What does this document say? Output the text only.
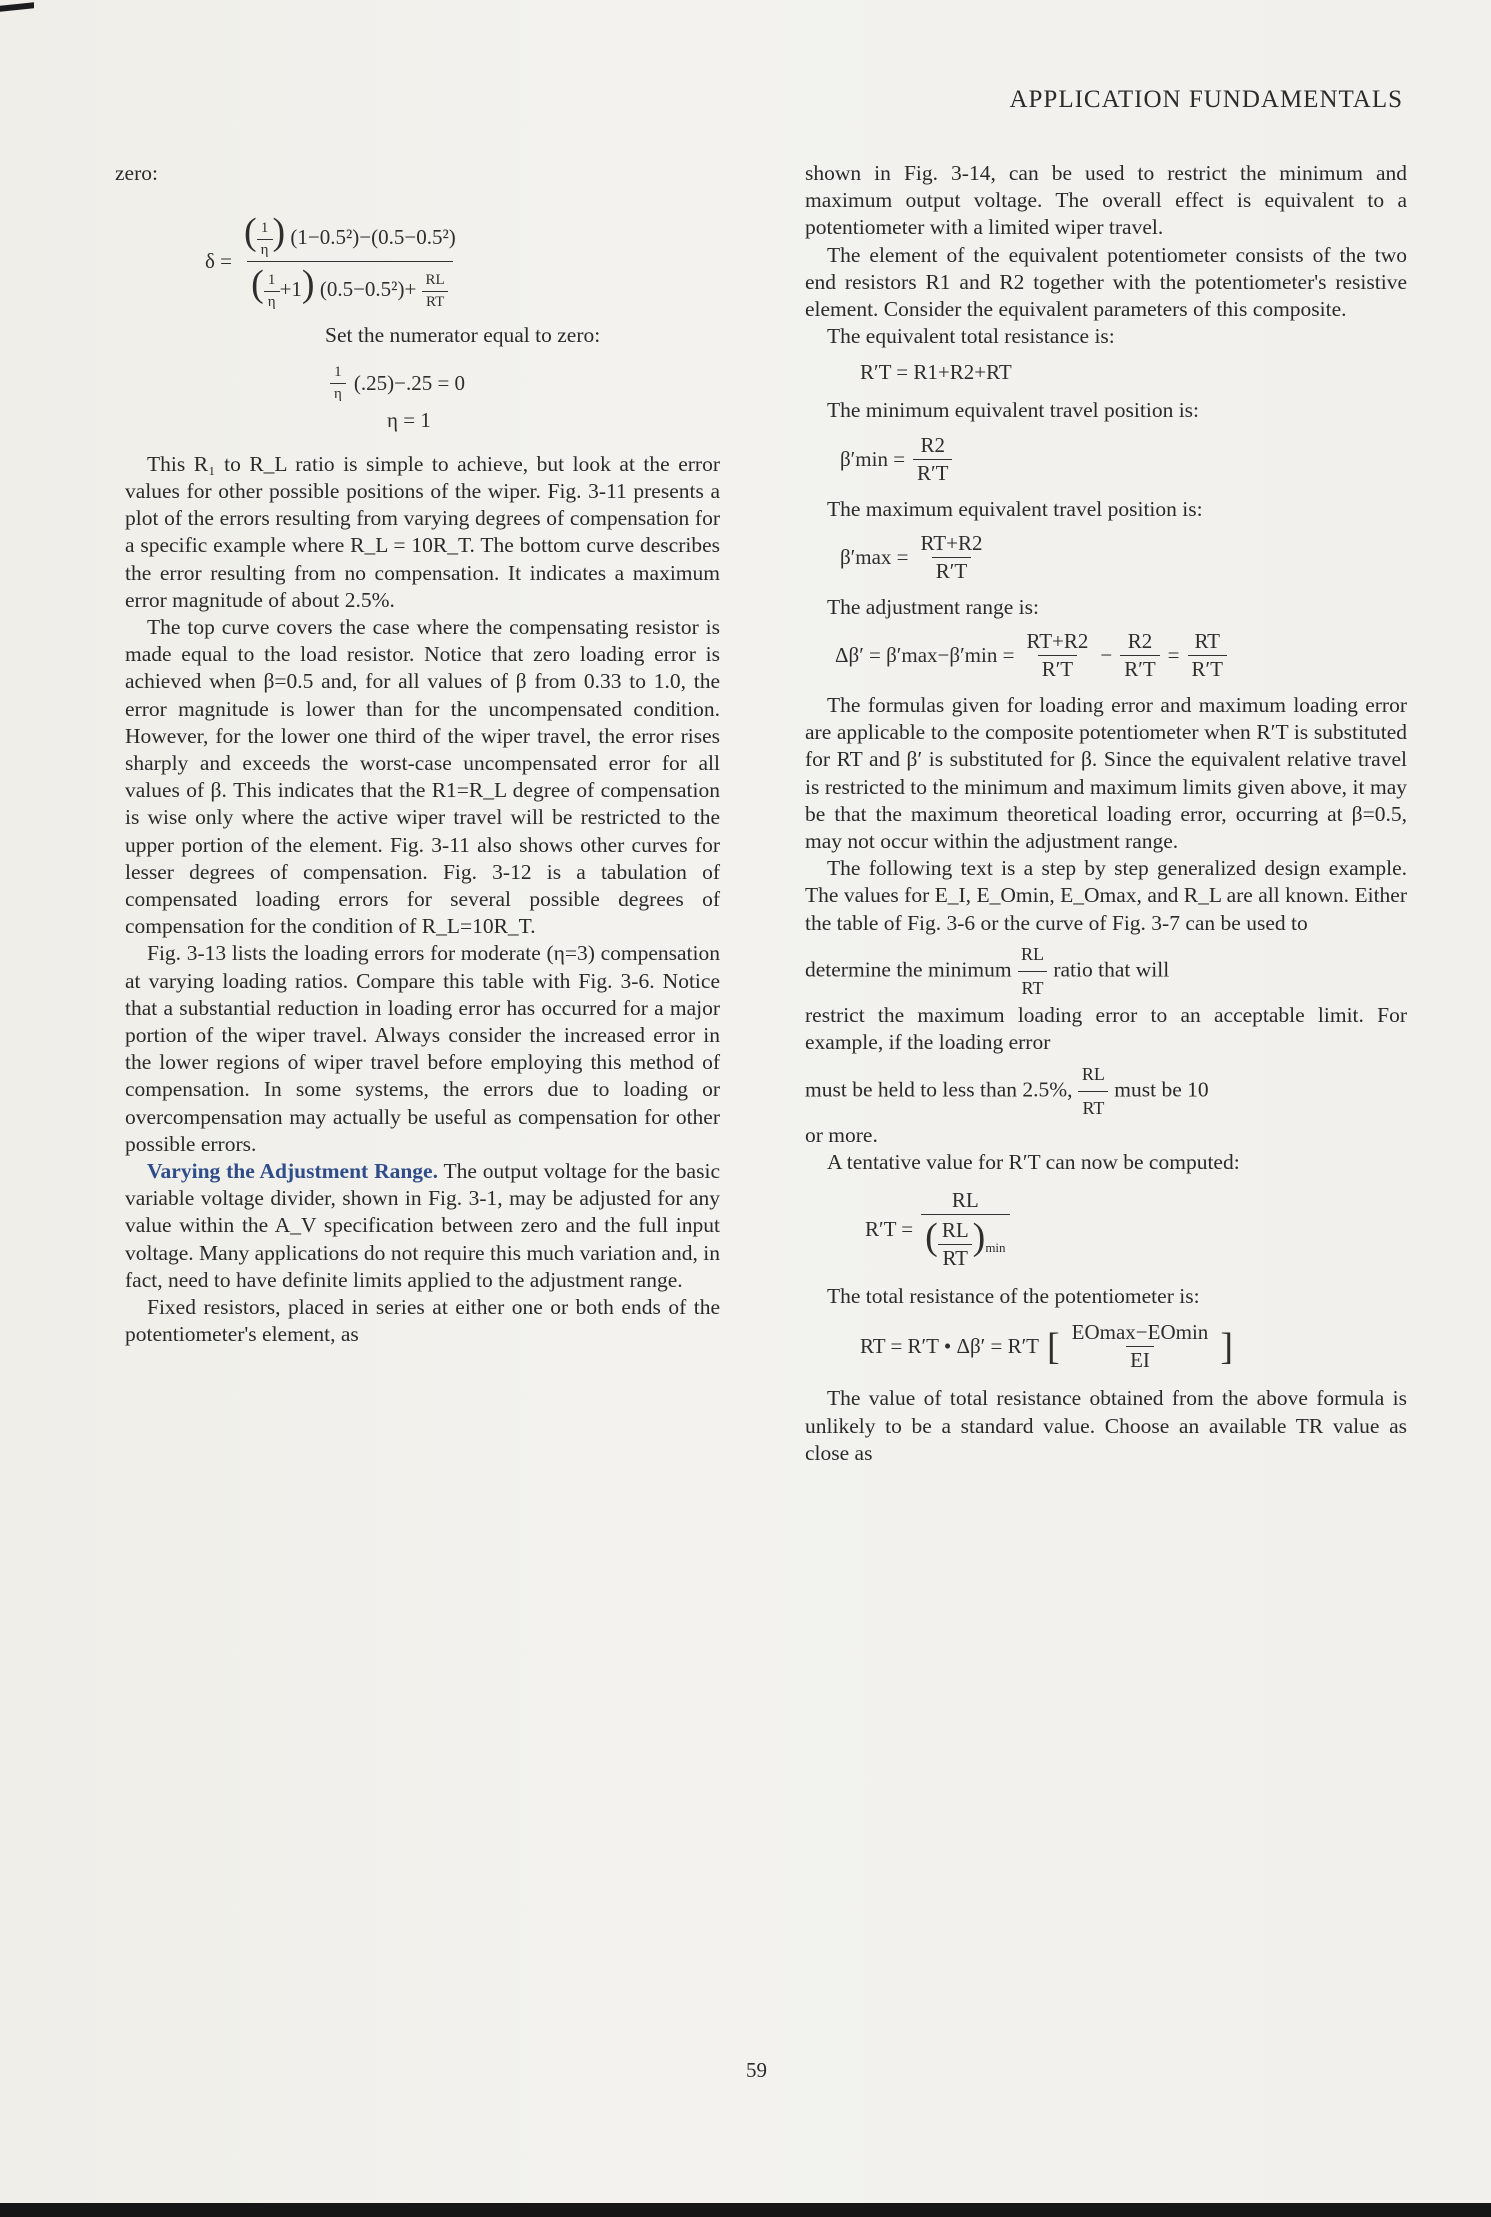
APPLICATION FUNDAMENTALS

zero:

$\delta = \frac{( \frac{1}{\eta} ) (1-0.5^2)-(0.5-0.5^2)}{( \frac{1}{\eta} +1) (0.5-0.5^2)+ \frac{RL}{RT}}$

Set the numerator equal to zero:

$\frac{1}{\eta} (.25)-.25 = 0$
η = 1

This R₁ to R_L ratio is simple to achieve, but look at the error values for other possible positions of the wiper. Fig. 3-11 presents a plot of the errors resulting from varying degrees of compensation for a specific example where R_L = 10R_T. The bottom curve describes the error resulting from no compensation. It indicates a maximum error magnitude of about 2.5%.

The top curve covers the case where the compensating resistor is made equal to the load resistor. Notice that zero loading error is achieved when β=0.5 and, for all values of β from 0.33 to 1.0, the error magnitude is lower than for the uncompensated condition. However, for the lower one third of the wiper travel, the error rises sharply and exceeds the worst-case uncompensated error for all values of β. This indicates that the R1=R_L degree of compensation is wise only where the active wiper travel will be restricted to the upper portion of the element. Fig. 3-11 also shows other curves for lesser degrees of compensation. Fig. 3-12 is a tabulation of compensated loading errors for several possible degrees of compensation for the condition of R_L=10R_T.

Fig. 3-13 lists the loading errors for moderate (η=3) compensation at varying loading ratios. Compare this table with Fig. 3-6. Notice that a substantial reduction in loading error has occurred for a major portion of the wiper travel. Always consider the increased error in the lower regions of wiper travel before employing this method of compensation. In some systems, the errors due to loading or overcompensation may actually be useful as compensation for other possible errors.

Varying the Adjustment Range. The output voltage for the basic variable voltage divider, shown in Fig. 3-1, may be adjusted for any value within the A_V specification between zero and the full input voltage. Many applications do not require this much variation and, in fact, need to have definite limits applied to the adjustment range.

Fixed resistors, placed in series at either one or both ends of the potentiometer's element, as

shown in Fig. 3-14, can be used to restrict the minimum and maximum output voltage. The overall effect is equivalent to a potentiometer with a limited wiper travel.

The element of the equivalent potentiometer consists of the two end resistors R1 and R2 together with the potentiometer's resistive element. Consider the equivalent parameters of this composite.

The equivalent total resistance is:

R′T = R1+R2+RT

The minimum equivalent travel position is:

$\beta'\min = \frac{R2}{R'T}$

The maximum equivalent travel position is:

$\beta'\max = \frac{RT+R2}{R'T}$

The adjustment range is:

$\Delta\beta' = \beta'\max-\beta'\min = \frac{RT+R2}{R'T} - \frac{R2}{R'T} = \frac{RT}{R'T}$

The formulas given for loading error and maximum loading error are applicable to the composite potentiometer when R′T is substituted for RT and β′ is substituted for β. Since the equivalent relative travel is restricted to the minimum and maximum limits given above, it may be that the maximum theoretical loading error, occurring at β=0.5, may not occur within the adjustment range.

The following text is a step by step generalized design example. The values for E_I, E_Omin, E_Omax, and R_L are all known. Either the table of Fig. 3-6 or the curve of Fig. 3-7 can be used to

determine the minimum $\frac{RL}{RT}$ ratio that will

restrict the maximum loading error to an acceptable limit. For example, if the loading error

must be held to less than 2.5%, $\frac{RL}{RT}$ must be 10

or more.

A tentative value for R′T can now be computed:

$R'T = \frac{RL}{( \frac{RL}{RT} )_{min}}$

The total resistance of the potentiometer is:

RT = R′T • Δβ′ = R′T [ $\frac{EOmax-EOmin}{EI}$ ]

The value of total resistance obtained from the above formula is unlikely to be a standard value. Choose an available TR value as close as

59
